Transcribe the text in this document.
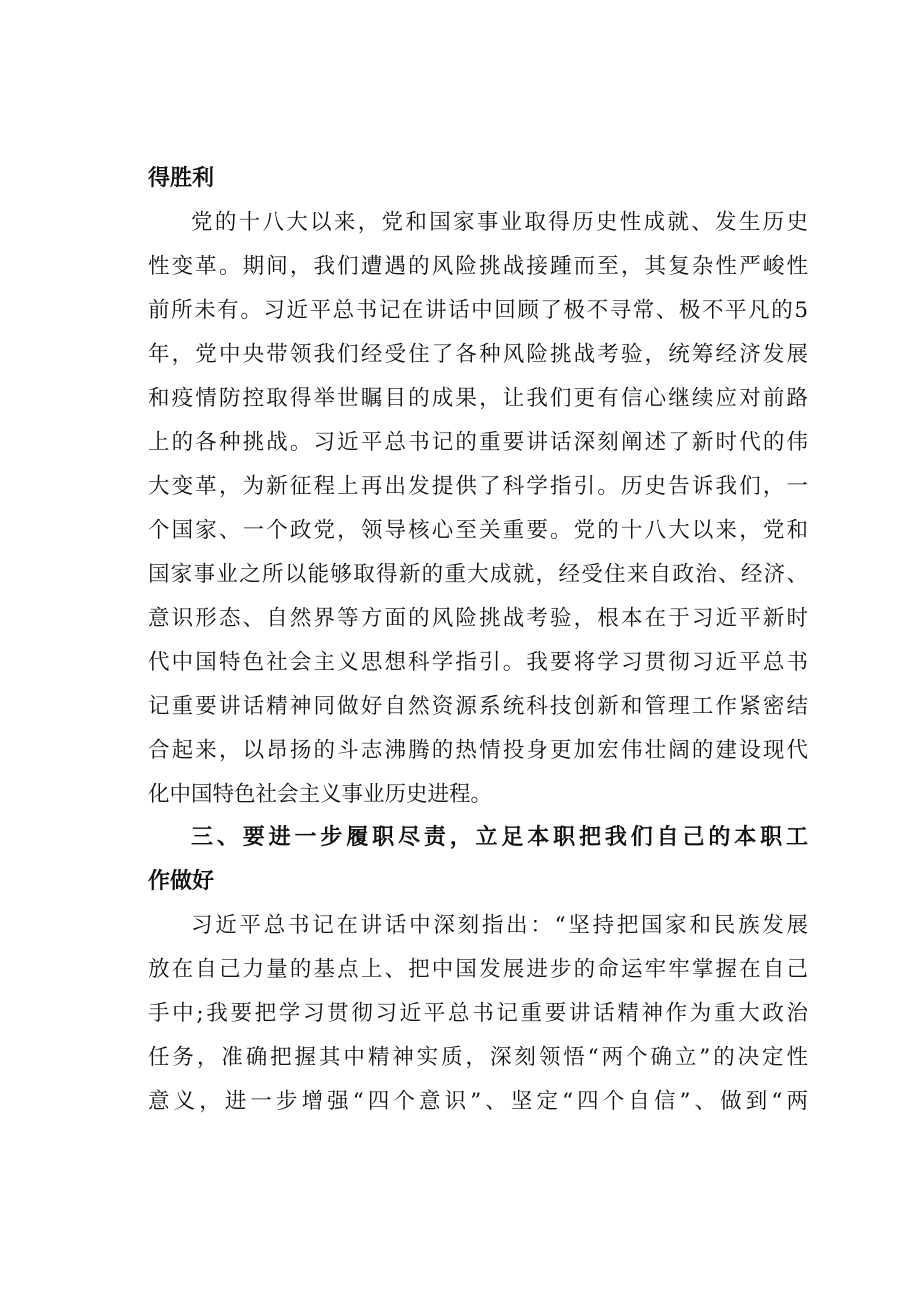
得胜利
党的十八大以来，党和国家事业取得历史性成就、发生历史
性变革。期间，我们遭遇的风险挑战接踵而至，其复杂性严峻性
前所未有。习近平总书记在讲话中回顾了极不寻常、极不平凡的5
年，党中央带领我们经受住了各种风险挑战考验，统筹经济发展
和疫情防控取得举世瞩目的成果，让我们更有信心继续应对前路
上的各种挑战。习近平总书记的重要讲话深刻阐述了新时代的伟
大变革，为新征程上再出发提供了科学指引。历史告诉我们，一
个国家、一个政党，领导核心至关重要。党的十八大以来，党和
国家事业之所以能够取得新的重大成就，经受住来自政治、经济、
意识形态、自然界等方面的风险挑战考验，根本在于习近平新时
代中国特色社会主义思想科学指引。我要将学习贯彻习近平总书
记重要讲话精神同做好自然资源系统科技创新和管理工作紧密结
合起来，以昂扬的斗志沸腾的热情投身更加宏伟壮阔的建设现代
化中国特色社会主义事业历史进程。
三、要进一步履职尽责，立足本职把我们自己的本职工
作做好
习近平总书记在讲话中深刻指出：“坚持把国家和民族发展
放在自己力量的基点上、把中国发展进步的命运牢牢掌握在自己
手中;我要把学习贯彻习近平总书记重要讲话精神作为重大政治
任务，准确把握其中精神实质，深刻领悟“两个确立”的决定性
意义，进一步增强“四个意识”、坚定“四个自信”、做到“两
